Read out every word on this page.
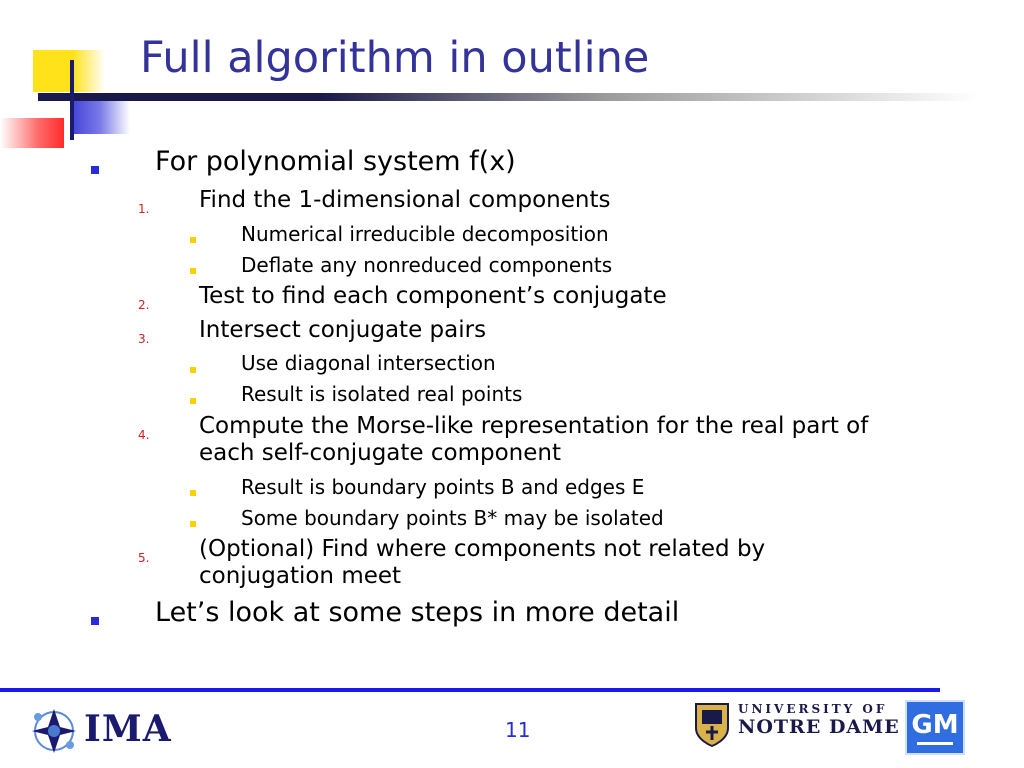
Full algorithm in outline
For polynomial system f(x)
1. Find the 1-dimensional components
Numerical irreducible decomposition
Deflate any nonreduced components
2. Test to find each component’s conjugate
3. Intersect conjugate pairs
Use diagonal intersection
Result is isolated real points
4. Compute the Morse-like representation for the real part of
each self-conjugate component
Result is boundary points B and edges E
Some boundary points B* may be isolated
5. (Optional) Find where components not related by
conjugation meet
Let’s look at some steps in more detail
IMA	UNIVERSITY OF
NOTRE DAME GM
11
